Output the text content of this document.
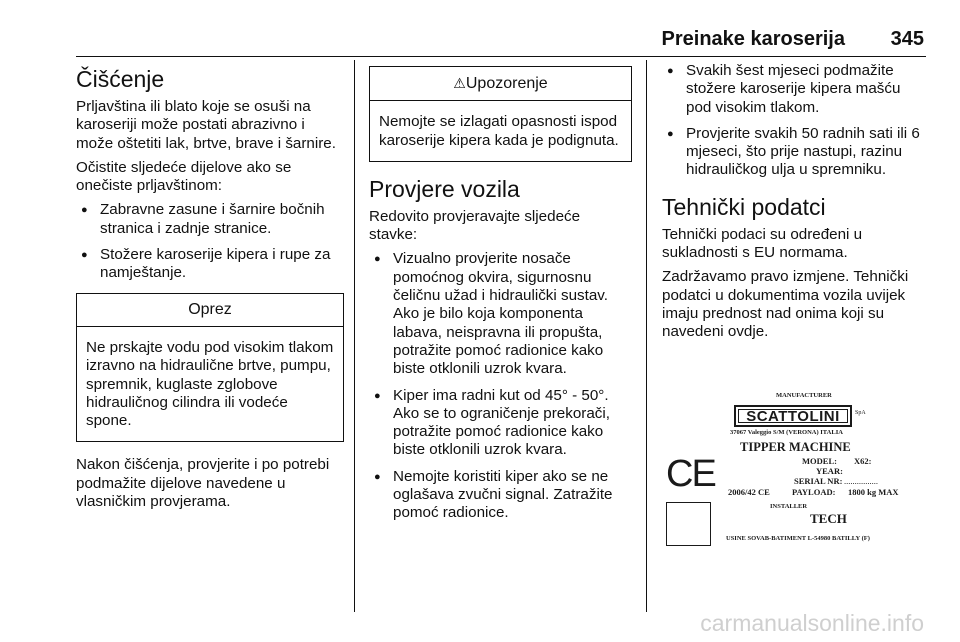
Preinake karoserija 345
Čišćenje

Prljavština ili blato koje se osuši na karoseriji može postati abrazivno i može oštetiti lak, brtve, brave i šarnire.

Očistite sljedeće dijelove ako se onečiste prljavštinom:

● Zabravne zasune i šarnire bočnih stranica i zadnje stranice.
● Stožere karoserije kipera i rupe za namještanje.
Oprez
Ne prskajte vodu pod visokim tlakom izravno na hidraulične brtve, pumpu, spremnik, kuglaste zglobove hidrauličnog cilindra ili vodeće spone.

Nakon čišćenja, provjerite i po potrebi podmažite dijelove navedene u vlasničkim provjerama.

⚠Upozorenje
Nemojte se izlagati opasnosti ispod karoserije kipera kada je podignuta.
Provjere vozila

Redovito provjeravajte sljedeće stavke:

● Vizualno provjerite nosače pomoćnog okvira, sigurnosnu čeličnu užad i hidraulički sustav. Ako je bilo koja komponenta labava, neispravna ili propušta, potražite pomoć radionice kako biste otklonili uzrok kvara.
● Kiper ima radni kut od 45° - 50°. Ako se to ograničenje prekorači, potražite pomoć radionice kako biste otklonili uzrok kvara.
● Nemojte koristiti kiper ako se ne oglašava zvučni signal. Zatražite pomoć radionice.
● Svakih šest mjeseci podmažite stožere karoserije kipera mašću pod visokim tlakom.
● Provjerite svakih 50 radnih sati ili 6 mjeseci, što prije nastupi, razinu hidrauličkog ulja u spremniku.
Tehnički podatci

Tehnički podaci su određeni u sukladnosti s EU normama.

Zadržavamo pravo izmjene. Tehnički podatci u dokumentima vozila uvijek imaju prednost nad onima koji su navedeni ovdje.

MANUFACTURER
SCATTOLINI	SpA
37067 Valeggio S/M (VERONA) ITALIA
TIPPER MACHINE
MODEL: X62:
YEAR:
SERIAL NR: ................
CE 2006/42 CE	PAYLOAD: 1800 kg MAX
INSTALLER
TECH
USINE SOVAB-BATIMENT L-54980 BATILLY (F)
carmanualsonline.info
